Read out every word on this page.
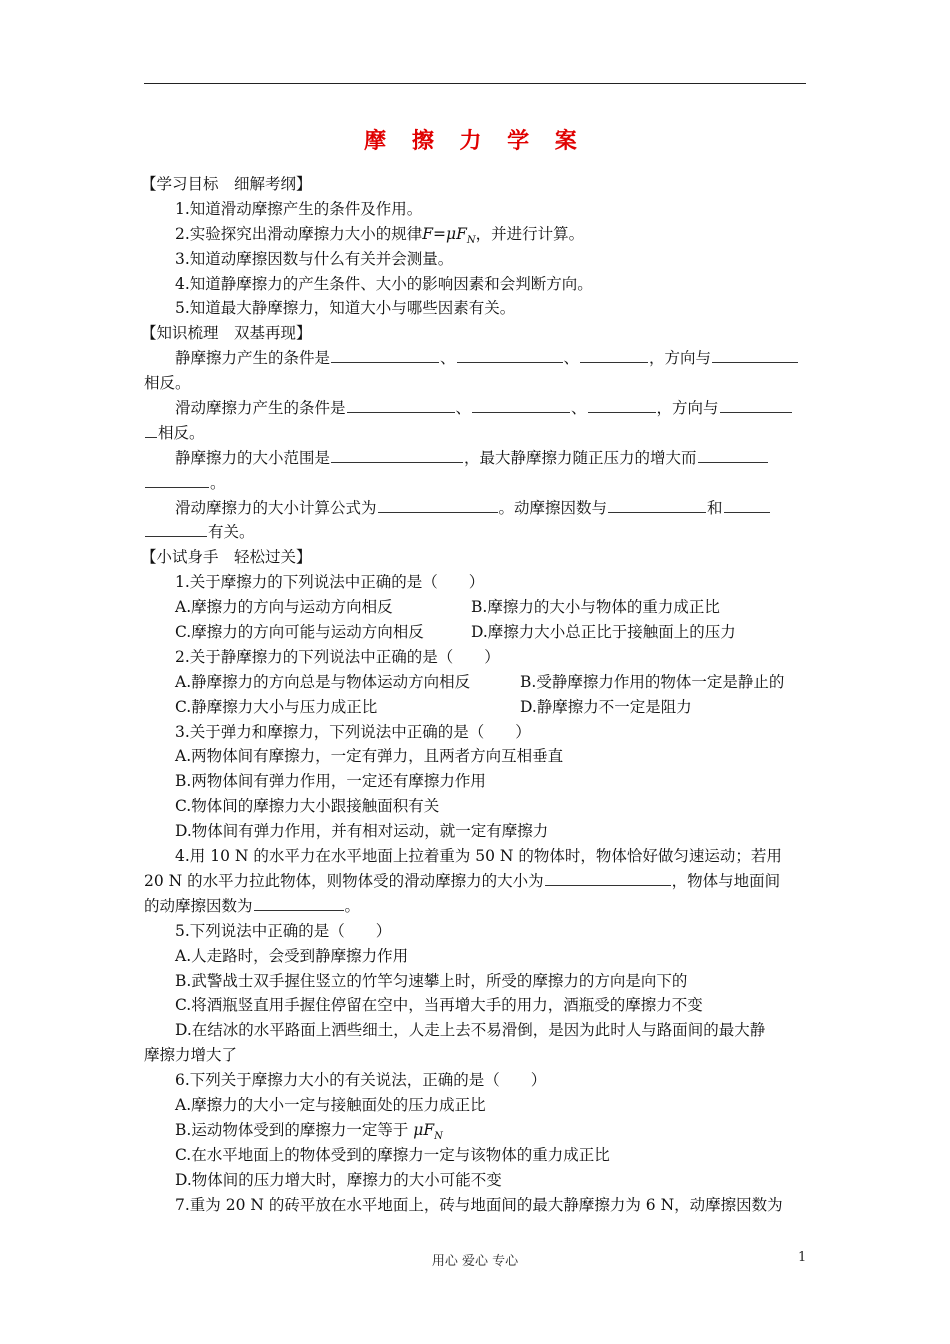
摩 擦 力 学 案
【学习目标　细解考纲】
1.知道滑动摩擦产生的条件及作用。
2.实验探究出滑动摩擦力大小的规律$F=\mu F_N$，并进行计算。
3.知道动摩擦因数与什么有关并会测量。
4.知道静摩擦力的产生条件、大小的影响因素和会判断方向。
5.知道最大静摩擦力，知道大小与哪些因素有关。
【知识梳理　双基再现】
静摩擦力产生的条件是	、	、	，方向与
相反。
滑动摩擦力产生的条件是	、	、	，方向与
相反。
静摩擦力的大小范围是	，最大静摩擦力随正压力的增大而
。
滑动摩擦力的大小计算公式为	。动摩擦因数与	和
有关。
【小试身手　轻松过关】
1.关于摩擦力的下列说法中正确的是（　　）
A.摩擦力的方向与运动方向相反	B.摩擦力的大小与物体的重力成正比
C.摩擦力的方向可能与运动方向相反	D.摩擦力大小总正比于接触面上的压力
2.关于静摩擦力的下列说法中正确的是（　　）
A.静摩擦力的方向总是与物体运动方向相反	B.受静摩擦力作用的物体一定是静止的
C.静摩擦力大小与压力成正比	D.静摩擦力不一定是阻力
3.关于弹力和摩擦力，下列说法中正确的是（　　）
A.两物体间有摩擦力，一定有弹力，且两者方向互相垂直
B.两物体间有弹力作用，一定还有摩擦力作用
C.物体间的摩擦力大小跟接触面积有关
D.物体间有弹力作用，并有相对运动，就一定有摩擦力
4.用 10 N 的水平力在水平地面上拉着重为 50 N 的物体时，物体恰好做匀速运动；若用
20 N 的水平力拉此物体，则物体受的滑动摩擦力的大小为	，物体与地面间
的动摩擦因数为	。
5.下列说法中正确的是（　　）
A.人走路时，会受到静摩擦力作用
B.武警战士双手握住竖立的竹竿匀速攀上时，所受的摩擦力的方向是向下的
C.将酒瓶竖直用手握住停留在空中，当再增大手的用力，酒瓶受的摩擦力不变
D.在结冰的水平路面上洒些细土，人走上去不易滑倒，是因为此时人与路面间的最大静
摩擦力增大了
6.下列关于摩擦力大小的有关说法，正确的是（　　）
A.摩擦力的大小一定与接触面处的压力成正比
B.运动物体受到的摩擦力一定等于 $\mu F_N$
C.在水平地面上的物体受到的摩擦力一定与该物体的重力成正比
D.物体间的压力增大时，摩擦力的大小可能不变
7.重为 20 N 的砖平放在水平地面上，砖与地面间的最大静摩擦力为 6 N，动摩擦因数为
用心 爱心 专心	1
